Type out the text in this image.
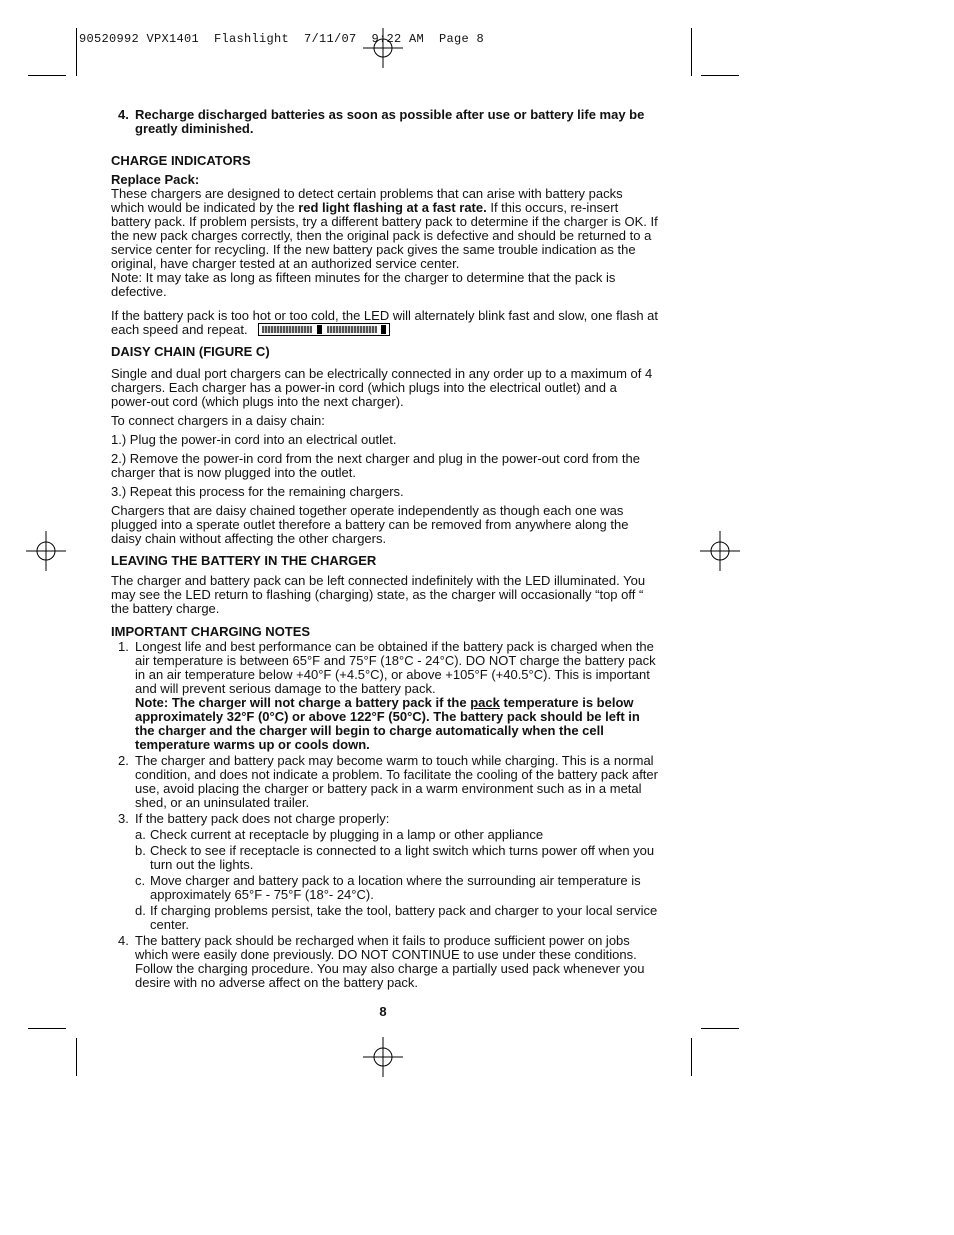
90520992 VPX1401  Flashlight  7/11/07  9:22 AM  Page 8

4. Recharge discharged batteries as soon as possible after use or battery life may be greatly diminished.

CHARGE INDICATORS

Replace Pack:

These chargers are designed to detect certain problems that can arise with battery packs which would be indicated by the red light flashing at a fast rate. If this occurs, re-insert battery pack. If problem persists, try a different battery pack to determine if the charger is OK. If the new pack charges correctly, then the original pack is defective and should be returned to a service center for recycling. If the new battery pack gives the same trouble indication as the original, have charger tested at an authorized service center.

Note: It may take as long as fifteen minutes for the charger to determine that the pack is defective.

If the battery pack is too hot or too cold, the LED will alternately blink fast and slow, one flash at each speed and repeat.

DAISY CHAIN (FIGURE C)

Single and dual port chargers can be electrically connected in any order up to a maximum of 4 chargers. Each charger has a power-in cord (which plugs into the electrical outlet) and a power-out cord (which plugs into the next charger).

To connect chargers in a daisy chain:

1.) Plug the power-in cord into an electrical outlet.

2.) Remove the power-in cord from the next charger and plug in the power-out cord from the charger that is now plugged into the outlet.

3.) Repeat this process for the remaining chargers.

Chargers that are daisy chained together operate independently as though each one was plugged into a sperate outlet therefore a battery can be removed from anywhere along the daisy chain without affecting the other chargers.

LEAVING THE BATTERY IN THE CHARGER

The charger and battery pack can be left connected indefinitely with the LED illuminated. You may see the LED return to flashing (charging) state, as the charger will occasionally “top off “ the battery charge.

IMPORTANT CHARGING NOTES

1. Longest life and best performance can be obtained if the battery pack is charged when the air temperature is between 65°F and 75°F (18°C - 24°C). DO NOT charge the battery pack in an air temperature below +40°F (+4.5°C), or above +105°F (+40.5°C). This is important and will prevent serious damage to the battery pack.

Note: The charger will not charge a battery pack if the pack temperature is below approximately 32°F (0°C) or above 122°F (50°C). The battery pack should be left in the charger and the charger will begin to charge automatically when the cell temperature warms up or cools down.

2. The charger and battery pack may become warm to touch while charging. This is a normal condition, and does not indicate a problem. To facilitate the cooling of the battery pack after use, avoid placing the charger or battery pack in a warm environment such as in a metal shed, or an uninsulated trailer.

3. If the battery pack does not charge properly:

a. Check current at receptacle by plugging in a lamp or other appliance

b. Check to see if receptacle is connected to a light switch which turns power off when you turn out the lights.

c. Move charger and battery pack to a location where the surrounding air temperature is approximately 65°F - 75°F (18°- 24°C).

d. If charging problems persist, take the tool, battery pack and charger to your local service center.

4. The battery pack should be recharged when it fails to produce sufficient power on jobs which were easily done previously. DO NOT CONTINUE to use under these conditions. Follow the charging procedure. You may also charge a partially used pack whenever you desire with no adverse affect on the battery pack.

8
